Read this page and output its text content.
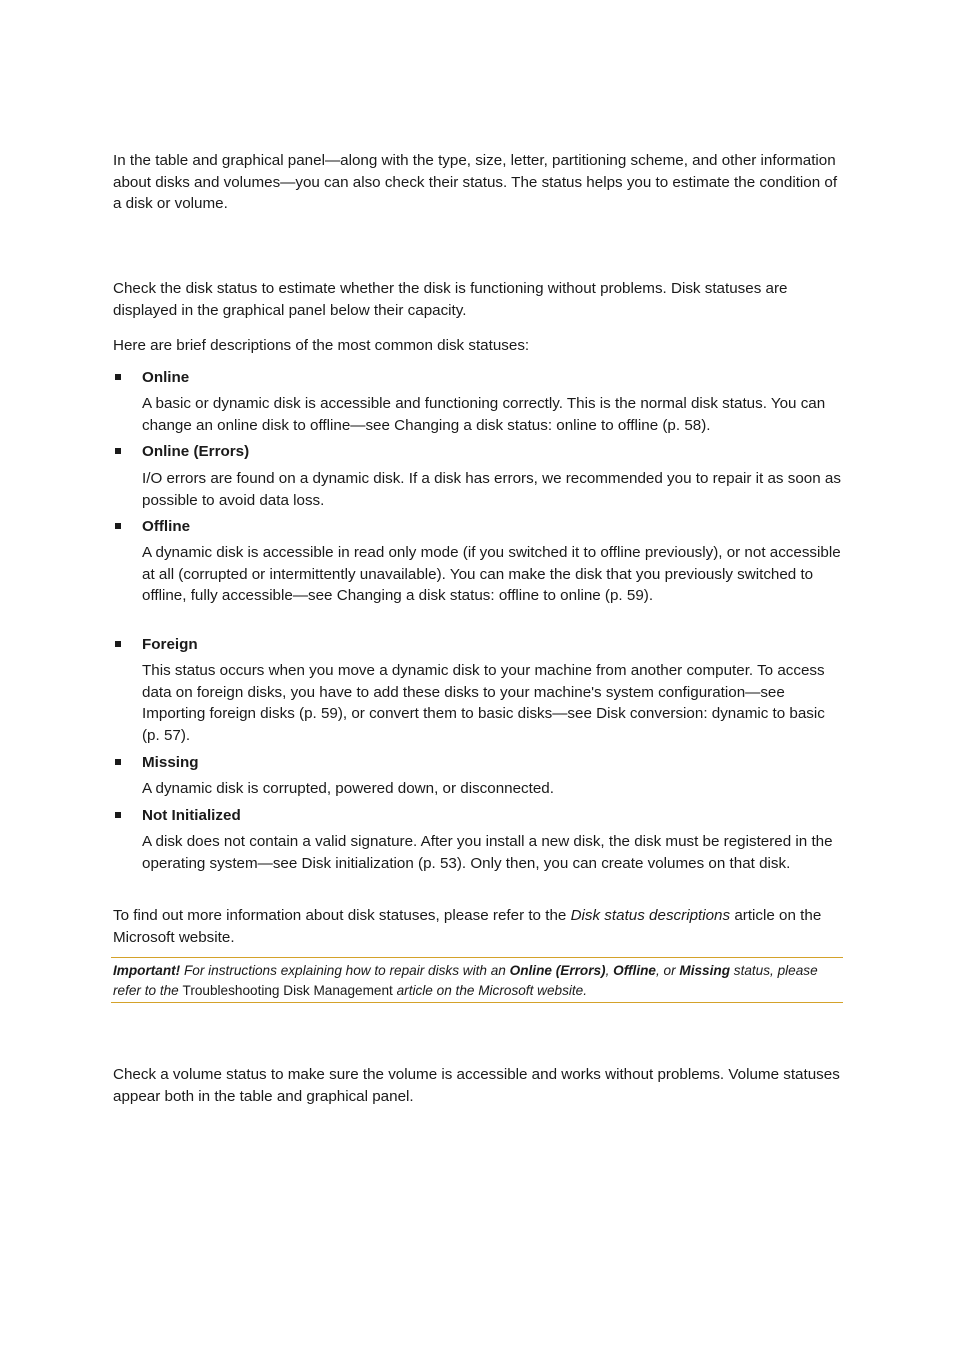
In the table and graphical panel—along with the type, size, letter, partitioning scheme, and other information about disks and volumes—you can also check their status. The status helps you to estimate the condition of a disk or volume.

Check the disk status to estimate whether the disk is functioning without problems. Disk statuses are displayed in the graphical panel below their capacity.

Here are brief descriptions of the most common disk statuses:

Online

A basic or dynamic disk is accessible and functioning correctly. This is the normal disk status. You can change an online disk to offline—see Changing a disk status: online to offline (p. 58).

Online (Errors)

I/O errors are found on a dynamic disk. If a disk has errors, we recommended you to repair it as soon as possible to avoid data loss.

Offline

A dynamic disk is accessible in read only mode (if you switched it to offline previously), or not accessible at all (corrupted or intermittently unavailable). You can make the disk that you previously switched to offline, fully accessible—see Changing a disk status: offline to online (p. 59).

Foreign

This status occurs when you move a dynamic disk to your machine from another computer. To access data on foreign disks, you have to add these disks to your machine's system configuration—see Importing foreign disks (p. 59), or convert them to basic disks—see Disk conversion: dynamic to basic (p. 57).

Missing

A dynamic disk is corrupted, powered down, or disconnected.

Not Initialized

A disk does not contain a valid signature. After you install a new disk, the disk must be registered in the operating system—see Disk initialization (p. 53). Only then, you can create volumes on that disk.

To find out more information about disk statuses, please refer to the Disk status descriptions article on the Microsoft website.

Important! For instructions explaining how to repair disks with an Online (Errors), Offline, or Missing status, please refer to the Troubleshooting Disk Management article on the Microsoft website.

Check a volume status to make sure the volume is accessible and works without problems. Volume statuses appear both in the table and graphical panel.
